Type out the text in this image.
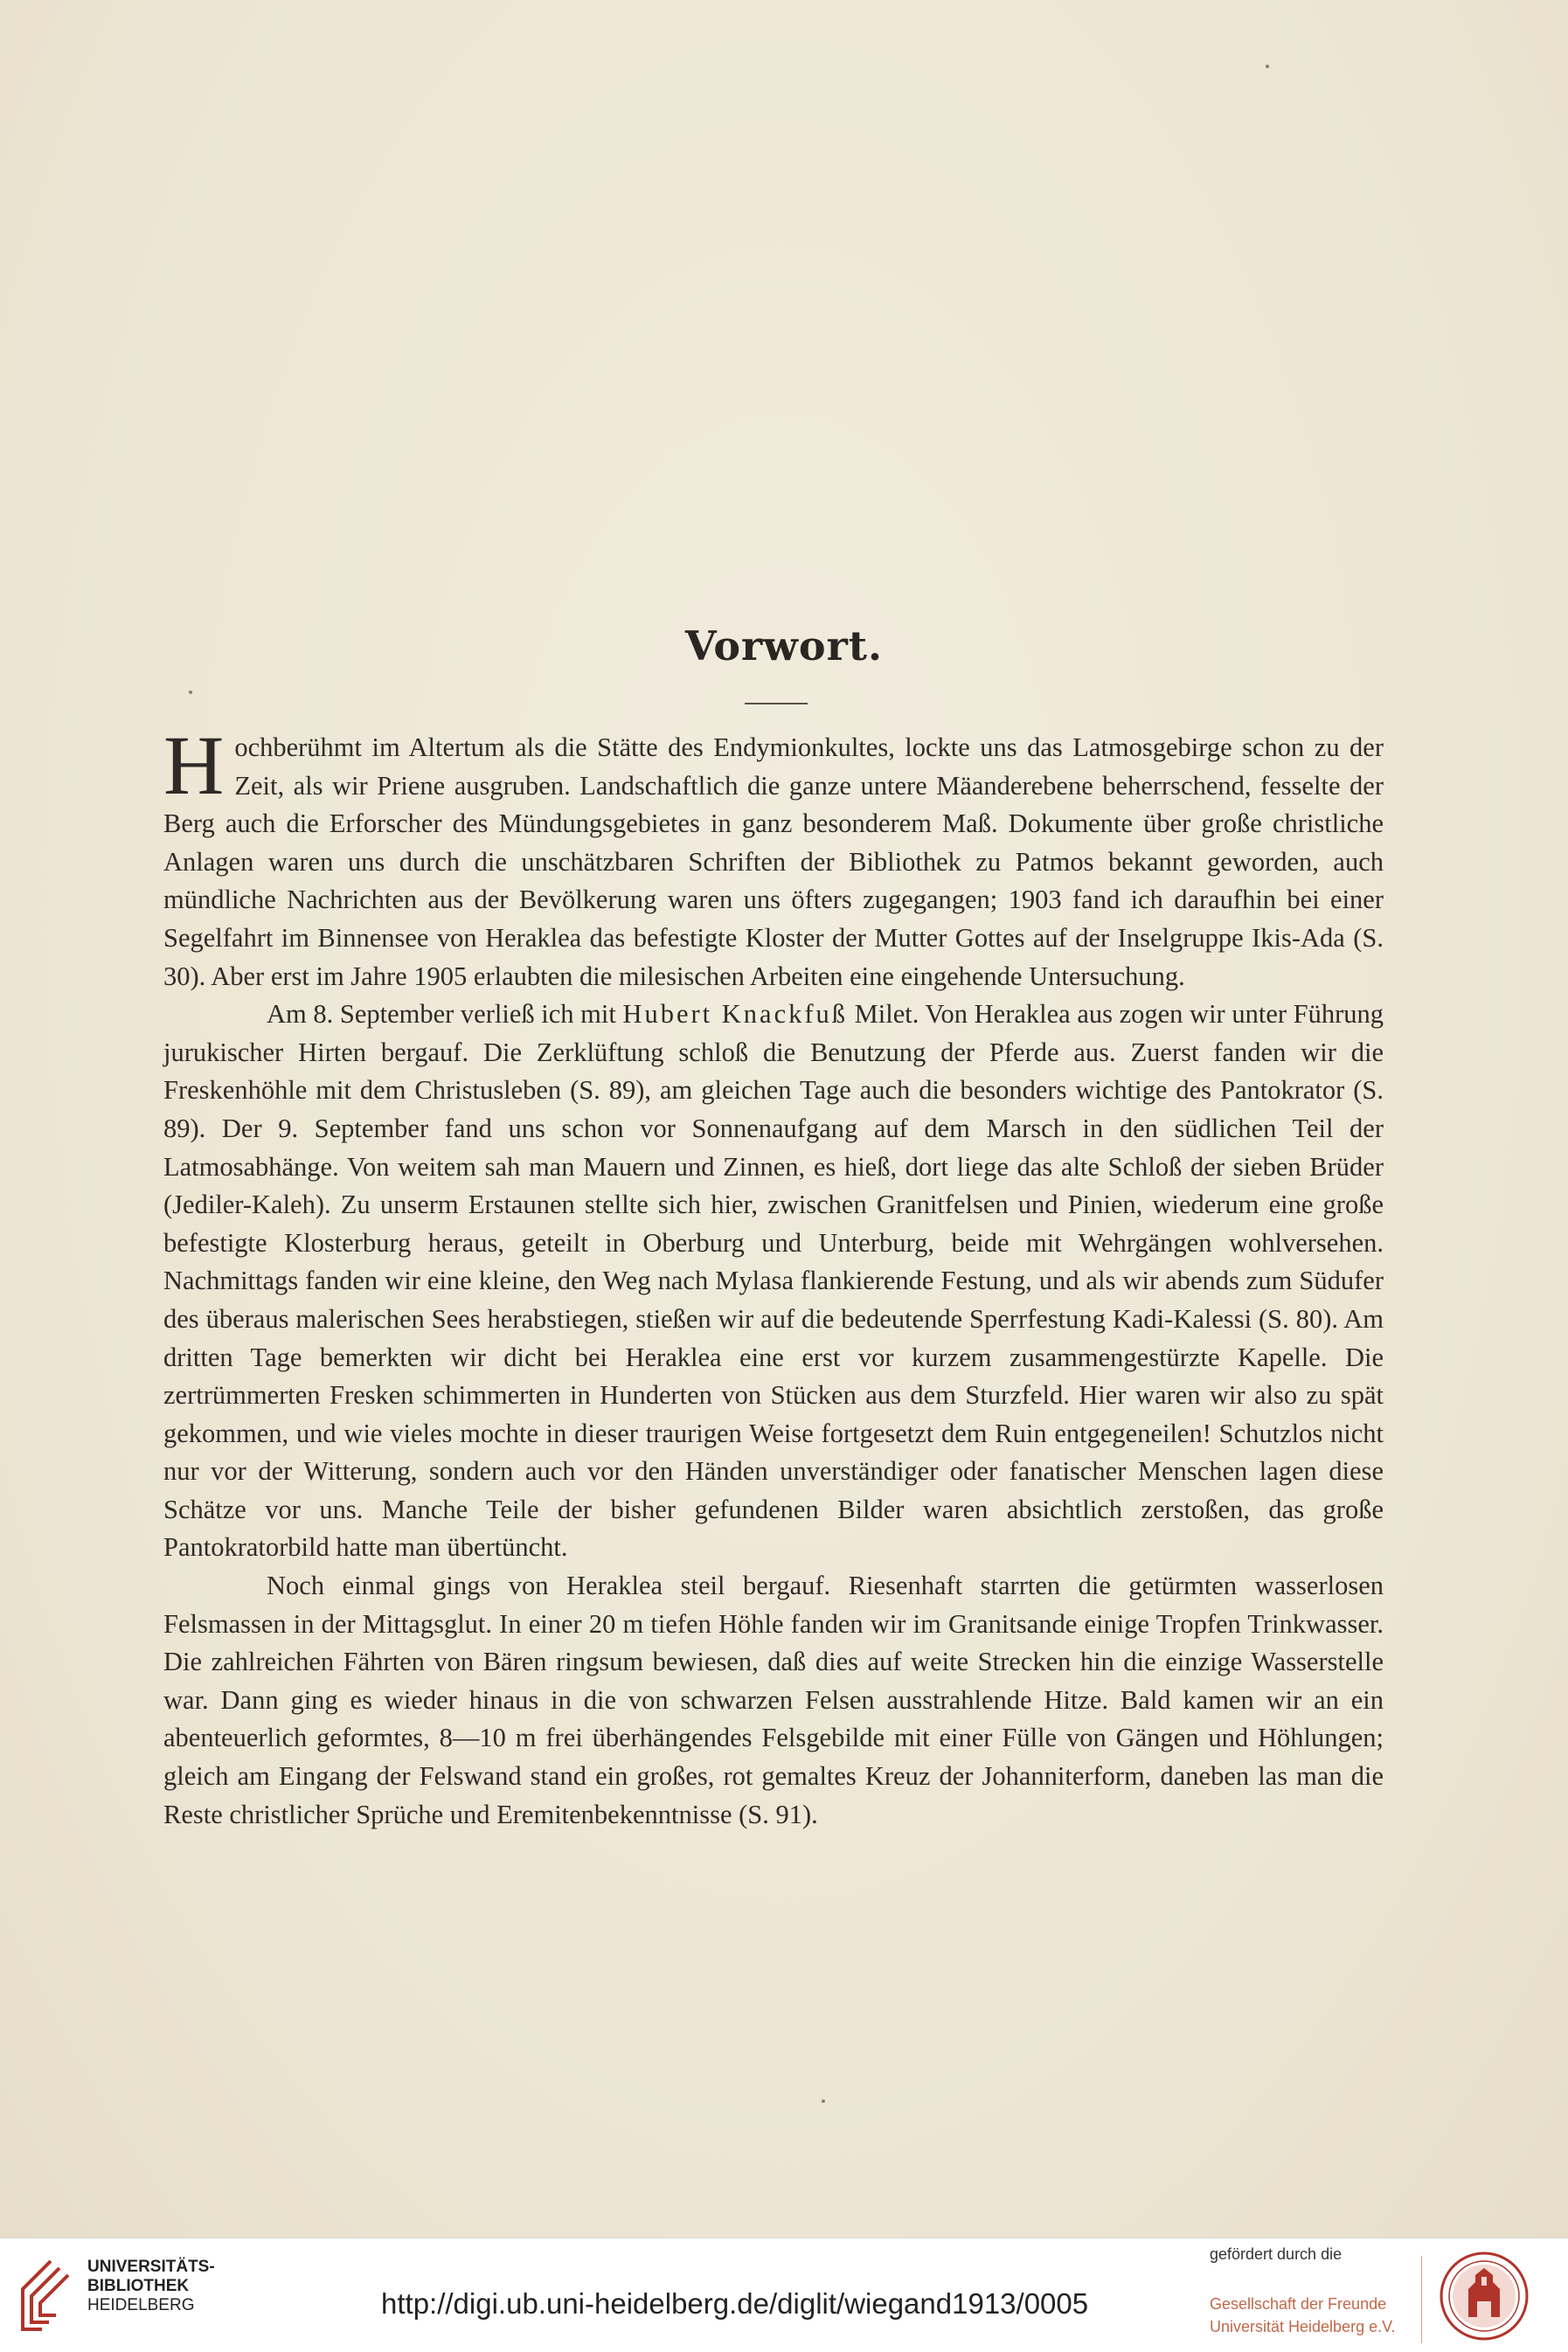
Vorwort.

Hochberühmt im Altertum als die Stätte des Endymionkultes, lockte uns das Latmosgebirge schon zu der Zeit, als wir Priene ausgruben. Landschaftlich die ganze untere Mäanderebene beherrschend, fesselte der Berg auch die Erforscher des Mündungsgebietes in ganz besonderem Maß. Dokumente über große christliche Anlagen waren uns durch die unschätzbaren Schriften der Bibliothek zu Patmos bekannt geworden, auch mündliche Nachrichten aus der Bevölkerung waren uns öfters zugegangen; 1903 fand ich daraufhin bei einer Segelfahrt im Binnensee von Heraklea das befestigte Kloster der Mutter Gottes auf der Inselgruppe Ikis-Ada (S. 30). Aber erst im Jahre 1905 erlaubten die milesischen Arbeiten eine eingehende Untersuchung.

Am 8. September verließ ich mit Hubert Knackfuß Milet. Von Heraklea aus zogen wir unter Führung jurukischer Hirten bergauf. Die Zerklüftung schloß die Benutzung der Pferde aus. Zuerst fanden wir die Freskenhöhle mit dem Christusleben (S. 89), am gleichen Tage auch die besonders wichtige des Pantokrator (S. 89). Der 9. September fand uns schon vor Sonnenaufgang auf dem Marsch in den südlichen Teil der Latmosabhänge. Von weitem sah man Mauern und Zinnen, es hieß, dort liege das alte Schloß der sieben Brüder (Jediler-Kaleh). Zu unserm Erstaunen stellte sich hier, zwischen Granitfelsen und Pinien, wiederum eine große befestigte Klosterburg heraus, geteilt in Oberburg und Unterburg, beide mit Wehrgängen wohlversehen. Nachmittags fanden wir eine kleine, den Weg nach Mylasa flankierende Festung, und als wir abends zum Südufer des überaus malerischen Sees herabstiegen, stießen wir auf die bedeutende Sperrfestung Kadi-Kalessi (S. 80). Am dritten Tage bemerkten wir dicht bei Heraklea eine erst vor kurzem zusammengestürzte Kapelle. Die zertrümmerten Fresken schimmerten in Hunderten von Stücken aus dem Sturzfeld. Hier waren wir also zu spät gekommen, und wie vieles mochte in dieser traurigen Weise fortgesetzt dem Ruin entgegeneilen! Schutzlos nicht nur vor der Witterung, sondern auch vor den Händen unverständiger oder fanatischer Menschen lagen diese Schätze vor uns. Manche Teile der bisher gefundenen Bilder waren absichtlich zerstoßen, das große Pantokratorbild hatte man übertüncht.

Noch einmal gings von Heraklea steil bergauf. Riesenhaft starrten die getürmten wasserlosen Felsmassen in der Mittagsglut. In einer 20 m tiefen Höhle fanden wir im Granitsande einige Tropfen Trinkwasser. Die zahlreichen Fährten von Bären ringsum bewiesen, daß dies auf weite Strecken hin die einzige Wasserstelle war. Dann ging es wieder hinaus in die von schwarzen Felsen ausstrahlende Hitze. Bald kamen wir an ein abenteuerlich geformtes, 8—10 m frei überhängendes Felsgebilde mit einer Fülle von Gängen und Höhlungen; gleich am Eingang der Felswand stand ein großes, rot gemaltes Kreuz der Johanniterform, daneben las man die Reste christlicher Sprüche und Eremitenbekenntnisse (S. 91).

UNIVERSITÄTS-
BIBLIOTHEK
HEIDELBERG	http://digi.ub.uni-heidelberg.de/diglit/wiegand1913/0005
gefördert durch die
Gesellschaft der Freunde
Universität Heidelberg e.V.
